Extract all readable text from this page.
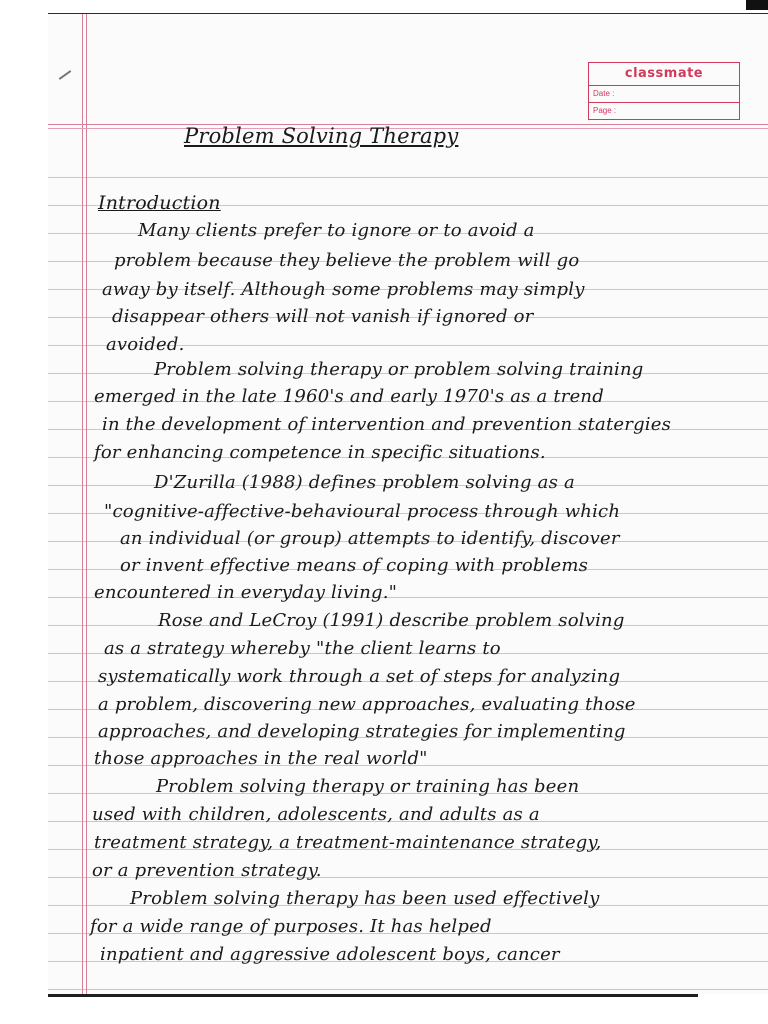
classmate
Date :
Page :
Problem Solving Therapy
Introduction
Many clients prefer to ignore or to avoid a
problem because they believe the problem will go
away by itself. Although some problems may simply
disappear others will not vanish if ignored or
avoided.
Problem solving therapy or problem solving training
emerged in the late 1960's and early 1970's as a trend
in the development of intervention and prevention statergies
for enhancing competence in specific situations.
D'Zurilla (1988) defines problem solving as a
"cognitive-affective-behavioural process through which
an individual (or group) attempts to identify, discover
or invent effective means of coping with problems
encountered in everyday living."
Rose and LeCroy (1991) describe problem solving
as a strategy whereby "the client learns to
systematically work through a set of steps for analyzing
a problem, discovering new approaches, evaluating those
approaches, and developing strategies for implementing
those approaches in the real world"
Problem solving therapy or training has been
used with children, adolescents, and adults as a
treatment strategy, a treatment-maintenance strategy,
or a prevention strategy.
Problem solving therapy has been used effectively
for a wide range of purposes. It has helped
inpatient and aggressive adolescent boys, cancer
